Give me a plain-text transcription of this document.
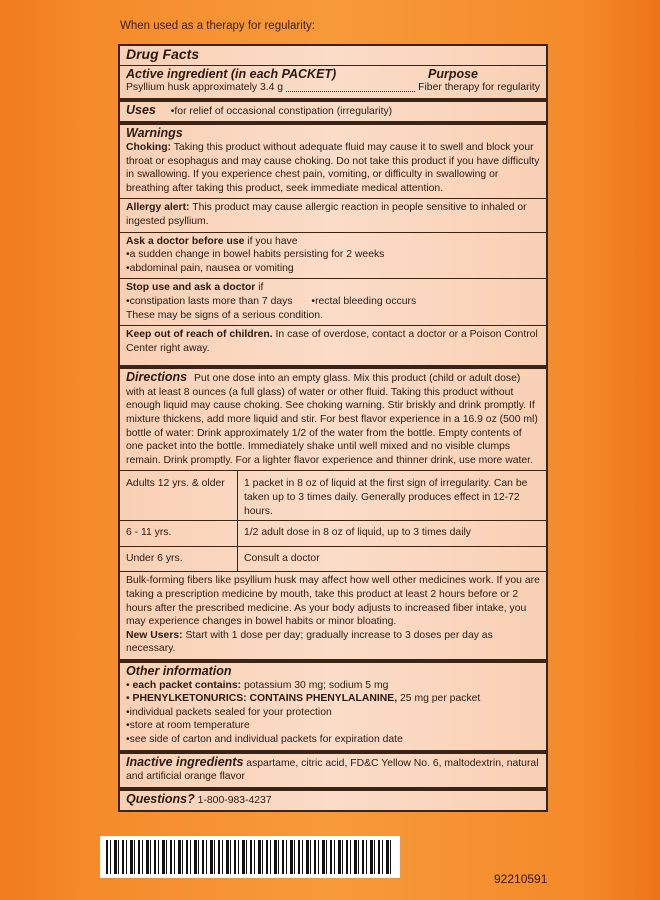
When used as a therapy for regularity:
Drug Facts
Active ingredient (in each PACKET)	Purpose
Psyllium husk approximately 3.4 g	Fiber therapy for regularity
Uses • for relief of occasional constipation (irregularity)
Warnings
Choking: Taking this product without adequate fluid may cause it to swell and block your throat or esophagus and may cause choking. Do not take this product if you have difficulty in swallowing. If you experience chest pain, vomiting, or difficulty in swallowing or breathing after taking this product, seek immediate medical attention.
Allergy alert: This product may cause allergic reaction in people sensitive to inhaled or ingested psyllium.
Ask a doctor before use if you have
• a sudden change in bowel habits persisting for 2 weeks
• abdominal pain, nausea or vomiting
Stop use and ask a doctor if
• constipation lasts more than 7 days • rectal bleeding occurs
These may be signs of a serious condition.
Keep out of reach of children. In case of overdose, contact a doctor or a Poison Control Center right away.
Directions Put one dose into an empty glass. Mix this product (child or adult dose) with at least 8 ounces (a full glass) of water or other fluid. Taking this product without enough liquid may cause choking. See choking warning. Stir briskly and drink promptly. If mixture thickens, add more liquid and stir. For best flavor experience in a 16.9 oz (500 ml) bottle of water: Drink approximately 1/2 of the water from the bottle. Empty contents of one packet into the bottle. Immediately shake until well mixed and no visible clumps remain. Drink promptly. For a lighter flavor experience and thinner drink, use more water.
Adults 12 yrs. & older	1 packet in 8 oz of liquid at the first sign of irregularity. Can be taken up to 3 times daily. Generally produces effect in 12-72 hours.
6 - 11 yrs.	1/2 adult dose in 8 oz of liquid, up to 3 times daily
Under 6 yrs.	Consult a doctor
Bulk-forming fibers like psyllium husk may affect how well other medicines work. If you are taking a prescription medicine by mouth, take this product at least 2 hours before or 2 hours after the prescribed medicine. As your body adjusts to increased fiber intake, you may experience changes in bowel habits or minor bloating.
New Users: Start with 1 dose per day; gradually increase to 3 doses per day as necessary.
Other information
• each packet contains: potassium 30 mg; sodium 5 mg
• PHENYLKETONURICS: CONTAINS PHENYLALANINE, 25 mg per packet
• individual packets sealed for your protection
• store at room temperature
• see side of carton and individual packets for expiration date
Inactive ingredients aspartame, citric acid, FD&C Yellow No. 6, maltodextrin, natural and artificial orange flavor
Questions? 1-800-983-4237
92210591
